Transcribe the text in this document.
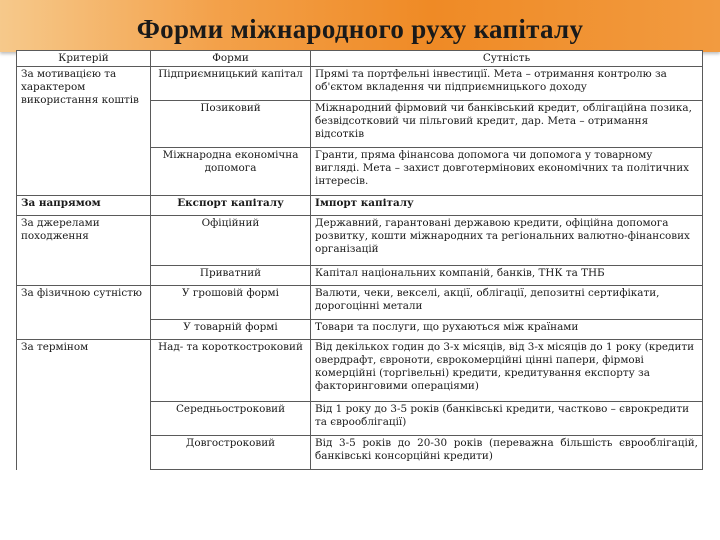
Форми міжнародного руху капіталу
Критерій	Форми	Сутність
За мотивацією та характером використання коштів	Підприємницький капітал	Прямі та портфельні інвестиції. Мета – отримання контролю за об'єктом вкладення чи підприємницького доходу
	Позиковий	Міжнародний фірмовий чи банківський кредит, облігаційна позика, безвідсотковий чи пільговий кредит, дар. Мета – отримання відсотків
	Міжнародна економічна допомога	Гранти, пряма фінансова допомога чи допомога у товарному вигляді. Мета – захист довготермінових економічних та політичних інтересів.
За напрямом	Експорт капіталу	Імпорт капіталу
За джерелами походження	Офіційний	Державний, гарантовані державою кредити, офіційна допомога розвитку, кошти міжнародних та регіональних валютно-фінансових організацій
	Приватний	Капітал національних компаній, банків, ТНК та ТНБ
За фізичною сутністю	У грошовій формі	Валюти, чеки, векселі, акції, облігації, депозитні сертифікати, дорогоцінні метали
	У товарній формі	Товари та послуги, що рухаються між країнами
За терміном	Над- та короткостроковий	Від декількох годин до 3-х місяців, від 3-х місяців до 1 року (кредити овердрафт, євроноти, єврокомерційні цінні папери, фірмові комерційні (торгівельні) кредити, кредитування експорту за факторинговими операціями)
	Середньостроковий	Від 1 року до 3-5 років (банківські кредити, частково – єврокредити та єврооблігації)
	Довгостроковий	Від 3-5 років до 20-30 років (переважна більшість єврооблігацій, банківські консорційні кредити)
